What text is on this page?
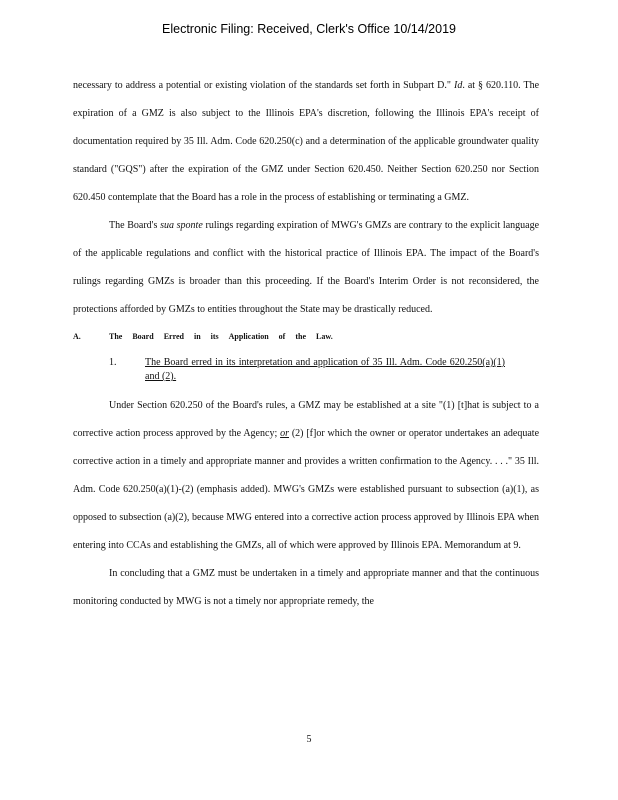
Electronic Filing: Received, Clerk's Office 10/14/2019

necessary to address a potential or existing violation of the standards set forth in Subpart D." Id. at § 620.110. The expiration of a GMZ is also subject to the Illinois EPA's discretion, following the Illinois EPA's receipt of documentation required by 35 Ill. Adm. Code 620.250(c) and a determination of the applicable groundwater quality standard ("GQS") after the expiration of the GMZ under Section 620.450. Neither Section 620.250 nor Section 620.450 contemplate that the Board has a role in the process of establishing or terminating a GMZ.

The Board's sua sponte rulings regarding expiration of MWG's GMZs are contrary to the explicit language of the applicable regulations and conflict with the historical practice of Illinois EPA. The impact of the Board's rulings regarding GMZs is broader than this proceeding. If the Board's Interim Order is not reconsidered, the protections afforded by GMZs to entities throughout the State may be drastically reduced.

A.	The Board Erred in its Application of the Law.

1.	The Board erred in its interpretation and application of 35 Ill. Adm. Code 620.250(a)(1) and (2).

Under Section 620.250 of the Board's rules, a GMZ may be established at a site "(1) [t]hat is subject to a corrective action process approved by the Agency; or (2) [f]or which the owner or operator undertakes an adequate corrective action in a timely and appropriate manner and provides a written confirmation to the Agency. . . ." 35 Ill. Adm. Code 620.250(a)(1)-(2) (emphasis added). MWG's GMZs were established pursuant to subsection (a)(1), as opposed to subsection (a)(2), because MWG entered into a corrective action process approved by Illinois EPA when entering into CCAs and establishing the GMZs, all of which were approved by Illinois EPA. Memorandum at 9.

In concluding that a GMZ must be undertaken in a timely and appropriate manner and that the continuous monitoring conducted by MWG is not a timely nor appropriate remedy, the

5
